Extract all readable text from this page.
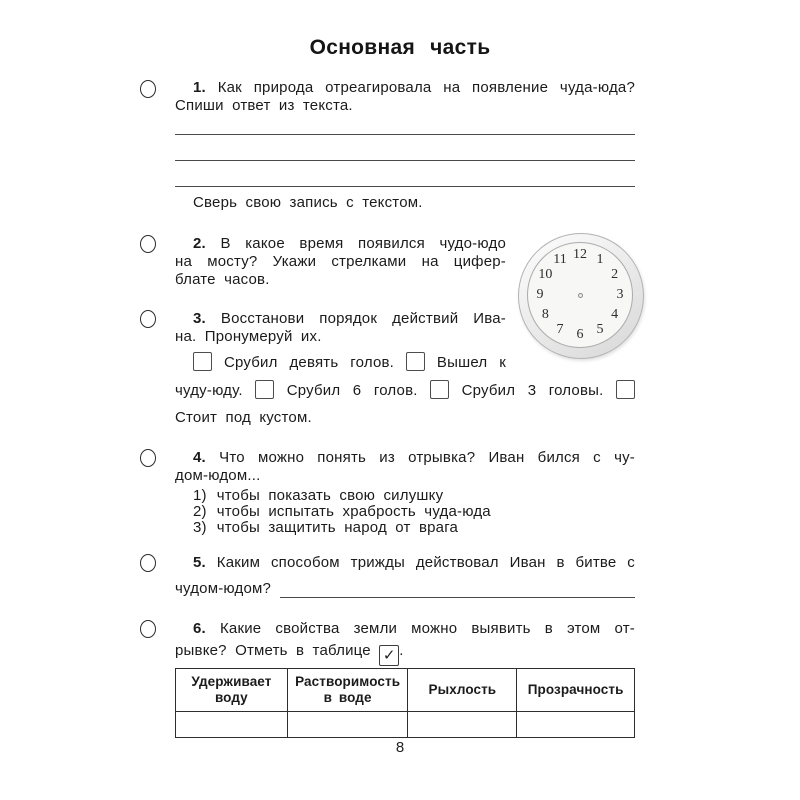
Основная часть
1. Как природа отреагировала на появление чуда-юда?
Спиши ответ из текста.
Сверь свою запись с текстом.
2. В какое время появился чудо-юдо
на мосту? Укажи стрелками на цифер-
блате часов.
12 1
2
3
4
5
6
7
8
9
10
11
3. Восстанови порядок действий Ива-
на. Пронумеруй их.
Срубил девять голов.	Вышел к
чуду-юду.	Срубил 6 голов.	Срубил 3 головы.
Стоит под кустом.
4. Что можно понять из отрывка? Иван бился с чу-
дом-юдом...
1) чтобы показать свою силушку
2) чтобы испытать храбрость чуда-юда
3) чтобы защитить народ от врага
5. Каким способом трижды действовал Иван в битве с
чудом-юдом?
6. Какие свойства земли можно выявить в этом от-
рывке? Отметь в таблице ✓ .
Удерживает воду	Растворимость в воде	Рыхлость	Прозрачность

8
